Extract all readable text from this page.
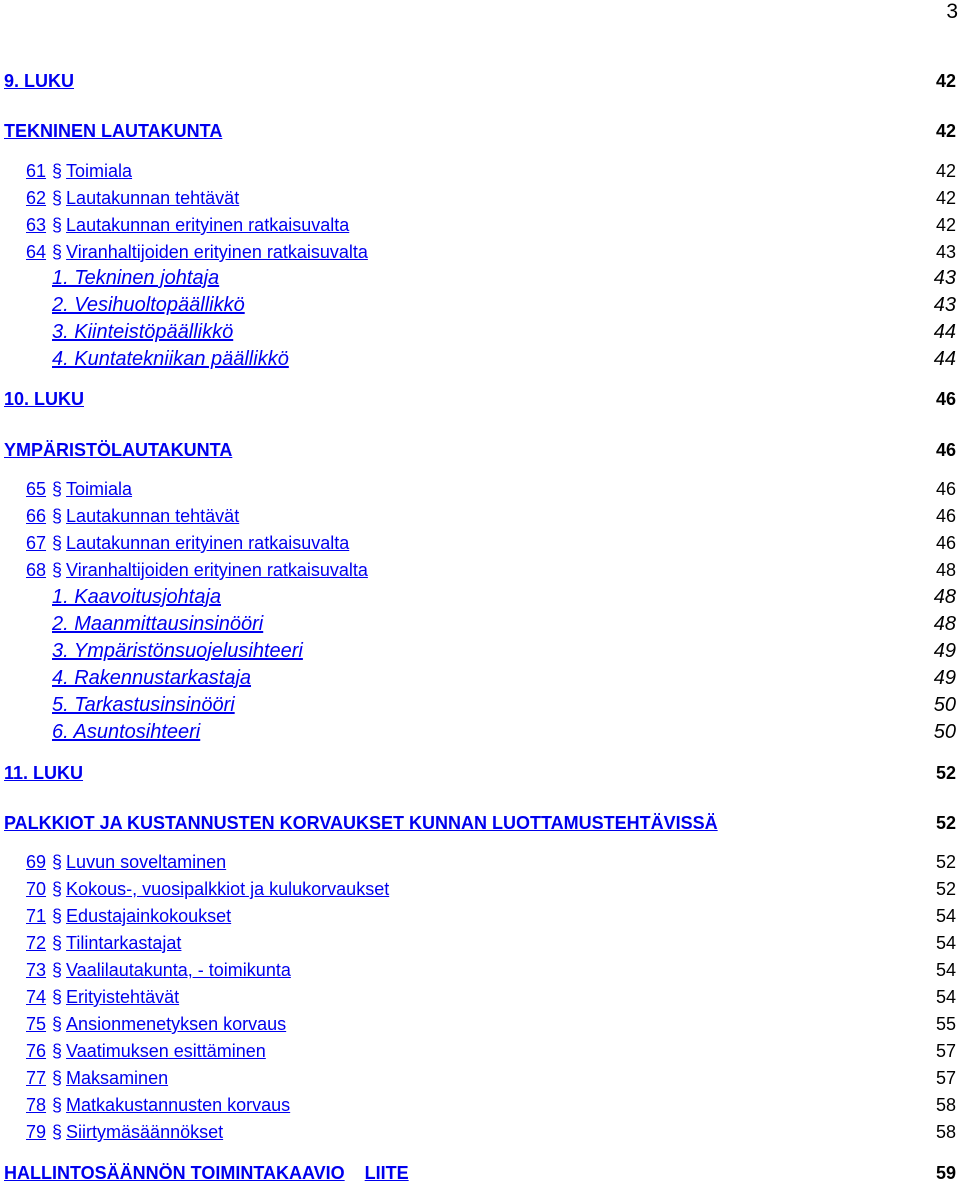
3
9. LUKU	42
TEKNINEN LAUTAKUNTA	42
61 § Toimiala	42
62 § Lautakunnan tehtävät	42
63 § Lautakunnan erityinen ratkaisuvalta	42
64 § Viranhaltijoiden erityinen ratkaisuvalta	43
1. Tekninen johtaja	43
2. Vesihuoltopäällikkö	43
3. Kiinteistöpäällikkö	44
4. Kuntatekniikan päällikkö	44
10. LUKU	46
YMPÄRISTÖLAUTAKUNTA	46
65 § Toimiala	46
66 § Lautakunnan tehtävät	46
67 § Lautakunnan erityinen ratkaisuvalta	46
68 § Viranhaltijoiden erityinen ratkaisuvalta	48
1. Kaavoitusjohtaja	48
2. Maanmittausinsinööri	48
3. Ympäristönsuojelusihteeri	49
4. Rakennustarkastaja	49
5. Tarkastusinsinööri	50
6. Asuntosihteeri	50
11. LUKU	52
PALKKIOT JA KUSTANNUSTEN KORVAUKSET KUNNAN LUOTTAMUSTEHTÄVISSÄ	52
69 § Luvun soveltaminen	52
70 § Kokous-, vuosipalkkiot ja kulukorvaukset	52
71 § Edustajainkokoukset	54
72 § Tilintarkastajat	54
73 § Vaalilautakunta, - toimikunta	54
74 § Erityistehtävät	54
75 § Ansionmenetyksen korvaus	55
76 § Vaatimuksen esittäminen	57
77 § Maksaminen	57
78 § Matkakustannusten korvaus	58
79 § Siirtymäsäännökset	58
HALLINTOSÄÄNNÖN TOIMINTAKAAVIO LIITE	59
